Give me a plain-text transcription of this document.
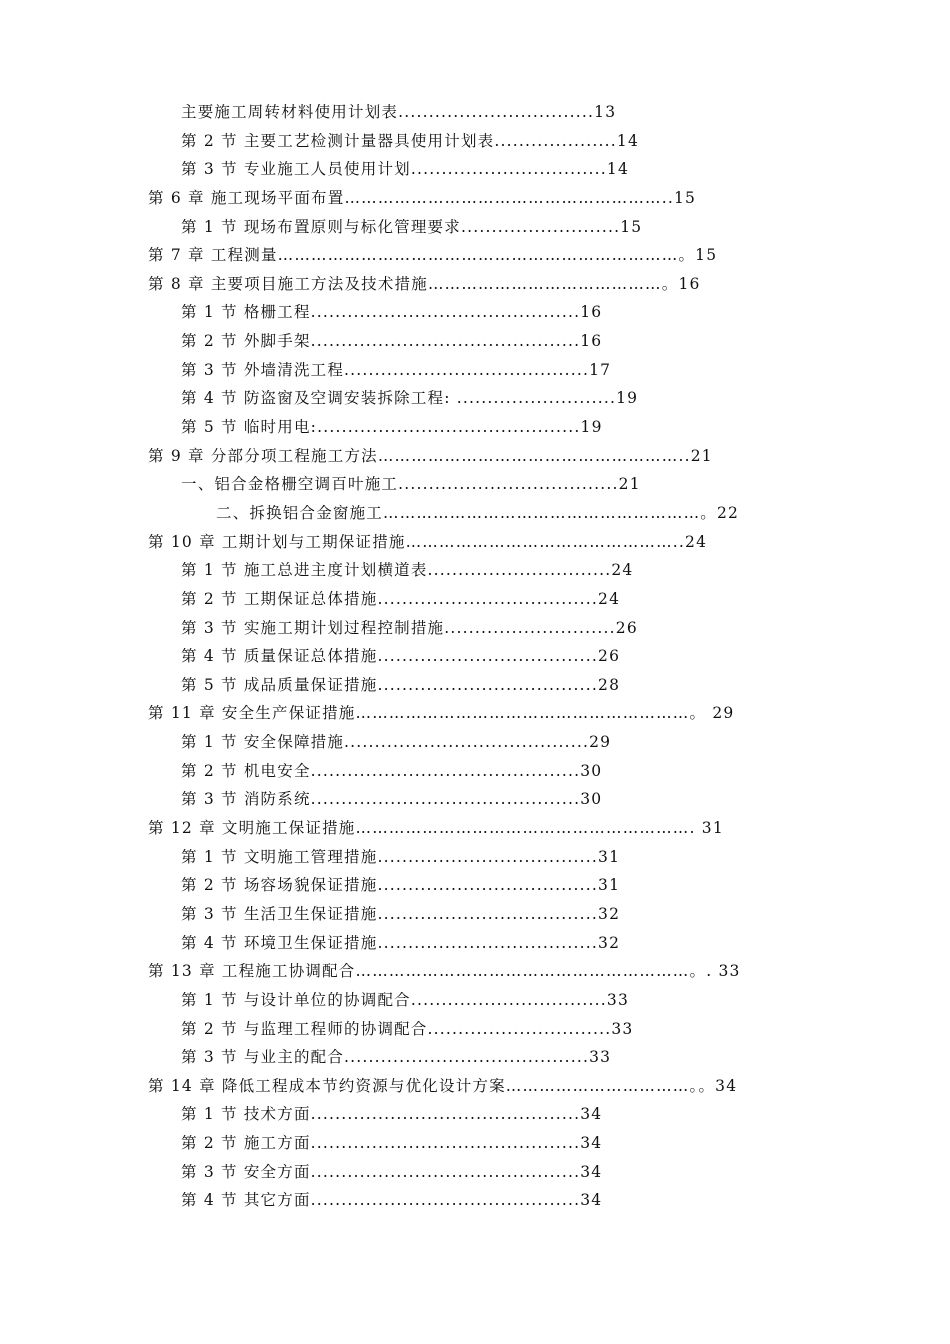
主要施工周转材料使用计划表................................13
第 2 节 主要工艺检测计量器具使用计划表....................14
第 3 节 专业施工人员使用计划................................14
第 6 章 施工现场平面布置…………………………………………………..15
第 1 节 现场布置原则与标化管理要求..........................15
第 7 章 工程测量………………………………………………………………。15
第 8 章 主要项目施工方法及技术措施……………………………………。16
第 1 节 格栅工程............................................16
第 2 节 外脚手架............................................16
第 3 节 外墙清洗工程........................................17
第 4 节 防盗窗及空调安装拆除工程: ..........................19
第 5 节 临时用电:...........................................19
第 9 章 分部分项工程施工方法………………………………………………..21
一、铝合金格栅空调百叶施工....................................21
二、拆换铝合金窗施工…………………………………………………。22
第 10 章 工期计划与工期保证措施…………………………………………..24
第 1 节 施工总进主度计划横道表..............................24
第 2 节 工期保证总体措施....................................24
第 3 节 实施工期计划过程控制措施............................26
第 4 节 质量保证总体措施....................................26
第 5 节 成品质量保证措施....................................28
第 11 章 安全生产保证措施……………………………………………………。 29
第 1 节 安全保障措施........................................29
第 2 节 机电安全............................................30
第 3 节 消防系统............................................30
第 12 章 文明施工保证措施……………………………………………………. 31
第 1 节 文明施工管理措施....................................31
第 2 节 场容场貌保证措施....................................31
第 3 节 生活卫生保证措施....................................32
第 4 节 环境卫生保证措施....................................32
第 13 章 工程施工协调配合……………………………………………………。. 33
第 1 节 与设计单位的协调配合................................33
第 2 节 与监理工程师的协调配合..............................33
第 3 节 与业主的配合........................................33
第 14 章 降低工程成本节约资源与优化设计方案……………………………。。34
第 1 节 技术方面............................................34
第 2 节 施工方面............................................34
第 3 节 安全方面............................................34
第 4 节 其它方面............................................34
